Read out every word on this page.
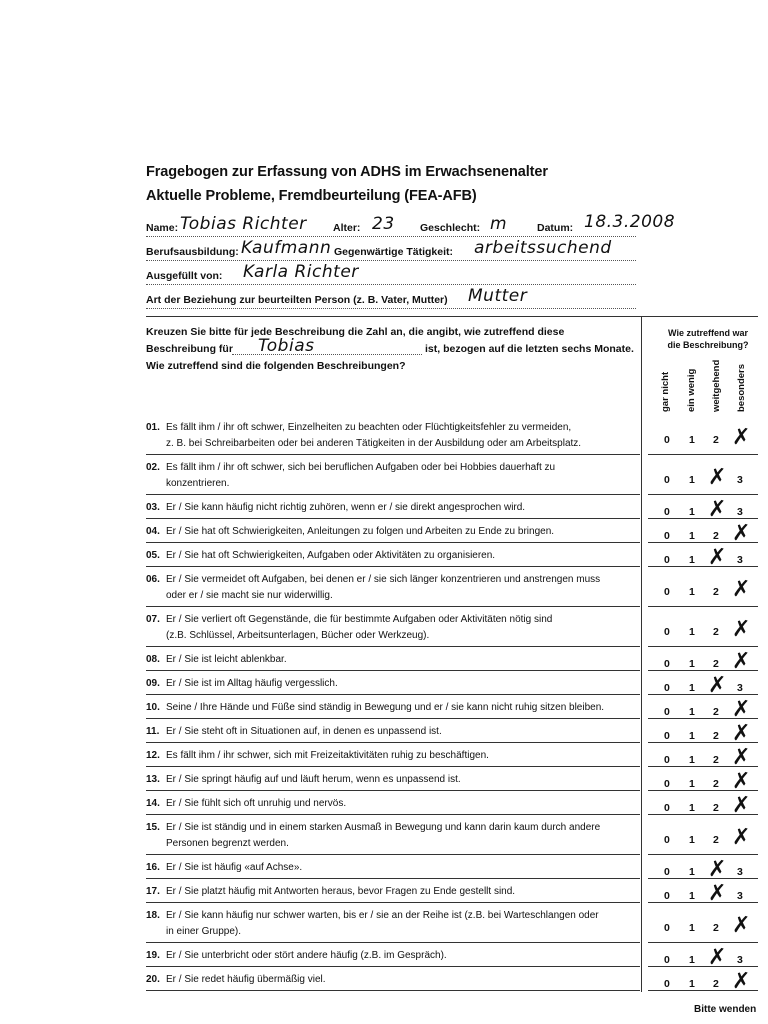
Fragebogen zur Erfassung von ADHS im Erwachsenenalter
Aktuelle Probleme, Fremdbeurteilung (FEA-AFB)
Name: Tobias Richter	Alter: 23 Geschlecht: m	Datum: 18.3.2008
Berufsausbildung: Kaufmann Gegenwärtige Tätigkeit: arbeitssuchend
Ausgefüllt von: Karla Richter
Art der Beziehung zur beurteilten Person (z. B. Vater, Mutter) Mutter
Kreuzen Sie bitte für jede Beschreibung die Zahl an, die angibt, wie zutreffend diese
Beschreibung für Tobias	ist, bezogen auf die letzten sechs Monate.
Wie zutreffend sind die folgenden Beschreibungen?
Wie zutreffend war
die Beschreibung?
gar nicht ein wenig weitgehend besonders
01. Es fällt ihm / ihr oft schwer, Einzelheiten zu beachten oder Flüchtigkeitsfehler zu vermeiden,
z. B. bei Schreibarbeiten oder bei anderen Tätigkeiten in der Ausbildung oder am Arbeitsplatz.	0 1 2 ✗
02. Es fällt ihm / ihr oft schwer, sich bei beruflichen Aufgaben oder bei Hobbies dauerhaft zu
konzentrieren.	0 1 ✗ 3
03. Er / Sie kann häufig nicht richtig zuhören, wenn er / sie direkt angesprochen wird.	0 1 ✗ 3
04. Er / Sie hat oft Schwierigkeiten, Anleitungen zu folgen und Arbeiten zu Ende zu bringen.	0 1 2 ✗
05. Er / Sie hat oft Schwierigkeiten, Aufgaben oder Aktivitäten zu organisieren.	0 1 ✗ 3
06. Er / Sie vermeidet oft Aufgaben, bei denen er / sie sich länger konzentrieren und anstrengen muss
oder er / sie macht sie nur widerwillig.	0 1 2 ✗
07. Er / Sie verliert oft Gegenstände, die für bestimmte Aufgaben oder Aktivitäten nötig sind
(z.B. Schlüssel, Arbeitsunterlagen, Bücher oder Werkzeug).	0 1 2 ✗
08. Er / Sie ist leicht ablenkbar.	0 1 2 ✗
09. Er / Sie ist im Alltag häufig vergesslich.	0 1 ✗ 3
10. Seine / Ihre Hände und Füße sind ständig in Bewegung und er / sie kann nicht ruhig sitzen bleiben.	0 1 2 ✗
11. Er / Sie steht oft in Situationen auf, in denen es unpassend ist.	0 1 2 ✗
12. Es fällt ihm / ihr schwer, sich mit Freizeitaktivitäten ruhig zu beschäftigen.	0 1 2 ✗
13. Er / Sie springt häufig auf und läuft herum, wenn es unpassend ist.	0 1 2 ✗
14. Er / Sie fühlt sich oft unruhig und nervös.	0 1 2 ✗
15. Er / Sie ist ständig und in einem starken Ausmaß in Bewegung und kann darin kaum durch andere
Personen begrenzt werden.	0 1 2 ✗
16. Er / Sie ist häufig «auf Achse».	0 1 ✗ 3
17. Er / Sie platzt häufig mit Antworten heraus, bevor Fragen zu Ende gestellt sind.	0 1 ✗ 3
18. Er / Sie kann häufig nur schwer warten, bis er / sie an der Reihe ist (z.B. bei Warteschlangen oder
in einer Gruppe).	0 1 2 ✗
19. Er / Sie unterbricht oder stört andere häufig (z.B. im Gespräch).	0 1 ✗ 3
20. Er / Sie redet häufig übermäßig viel.	0 1 2 ✗
Bitte wenden
